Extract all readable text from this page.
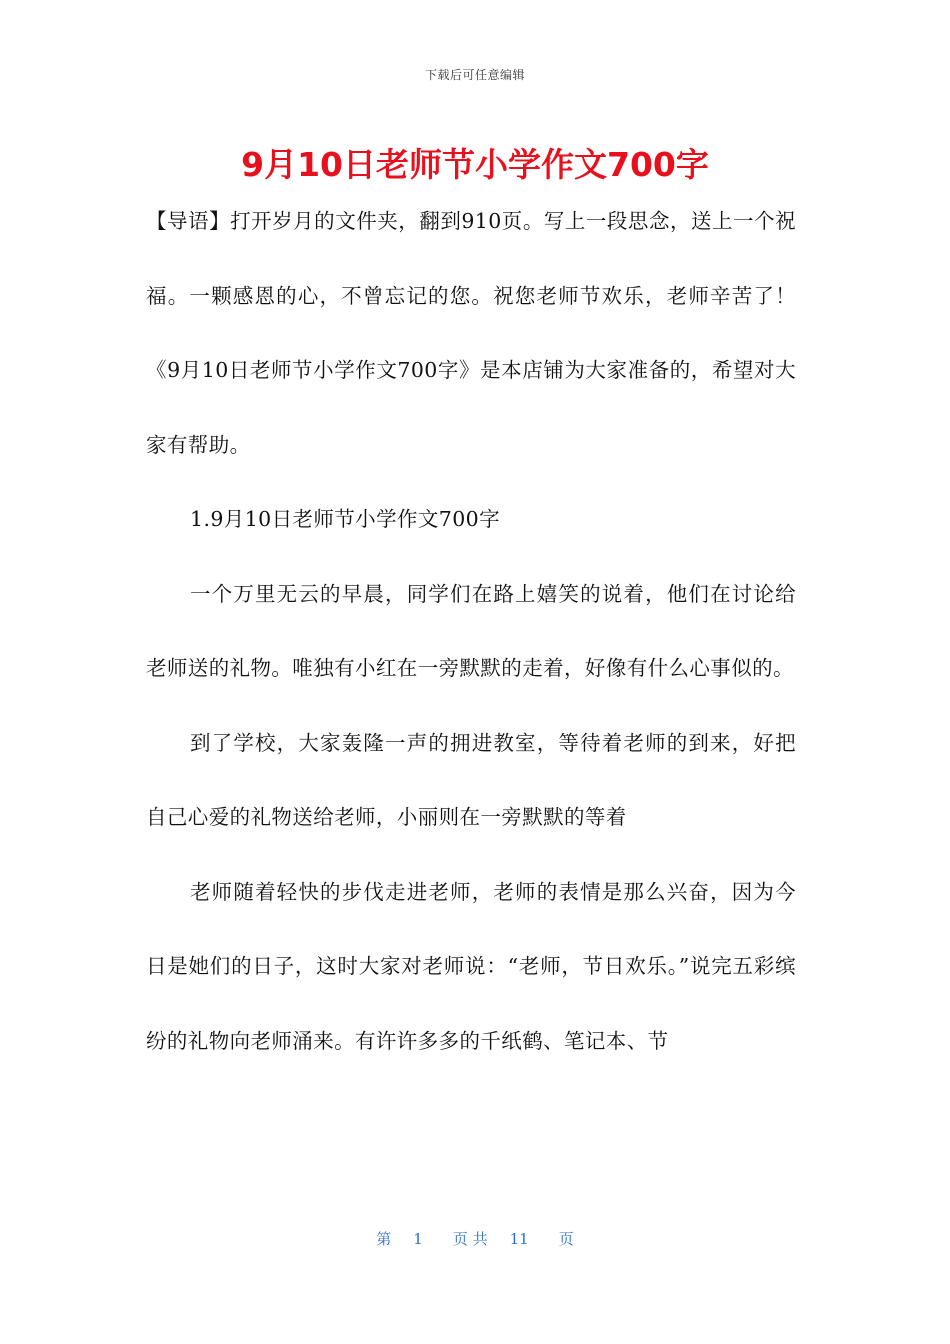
下载后可任意编辑
9月10日老师节小学作文700字

【导语】打开岁月的文件夹，翻到910页。写上一段思念，送上一个祝福。一颗感恩的心，不曾忘记的您。祝您老师节欢乐，老师辛苦了！《9月10日老师节小学作文700字》是本店铺为大家准备的，希望对大家有帮助。

1.9月10日老师节小学作文700字

一个万里无云的早晨，同学们在路上嬉笑的说着，他们在讨论给老师送的礼物。唯独有小红在一旁默默的走着，好像有什么心事似的。

到了学校，大家轰隆一声的拥进教室，等待着老师的到来，好把自己心爱的礼物送给老师，小丽则在一旁默默的等着

老师随着轻快的步伐走进老师，老师的表情是那么兴奋，因为今日是她们的日子，这时大家对老师说：“老师，节日欢乐。”说完五彩缤纷的礼物向老师涌来。有许许多多的千纸鹤、笔记本、节

第 1 页 共 11 页
